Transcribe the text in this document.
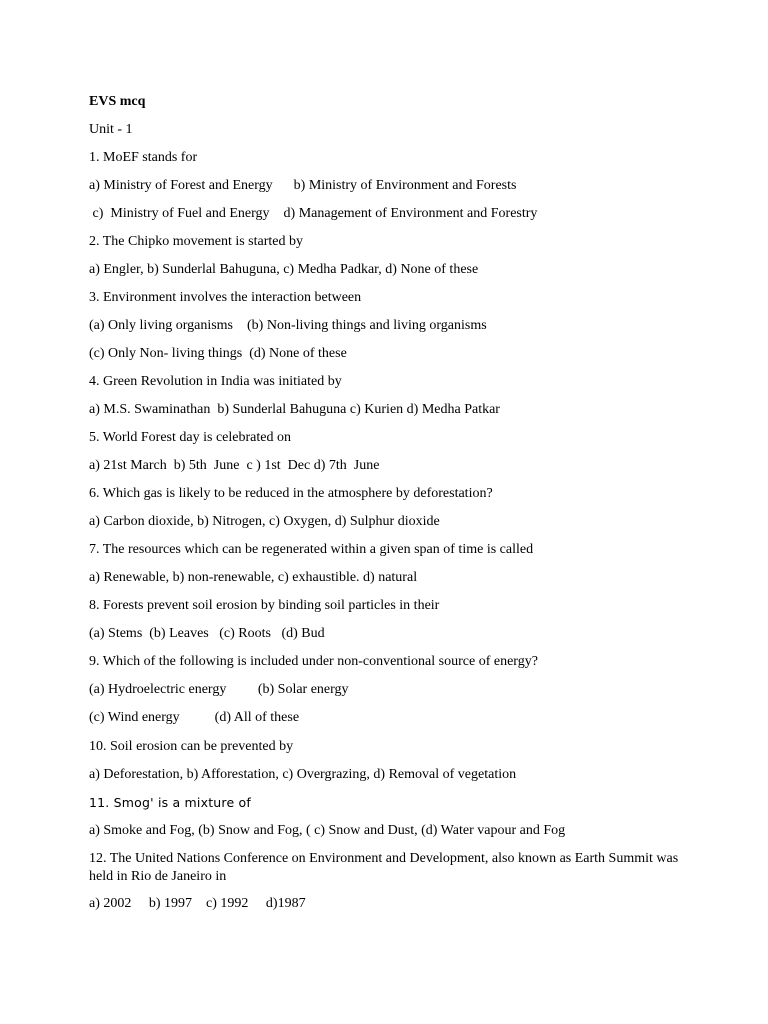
EVS mcq
Unit - 1
1. MoEF stands for
a) Ministry of Forest and Energy      b) Ministry of Environment and Forests
c)  Ministry of Fuel and Energy    d) Management of Environment and Forestry
2. The Chipko movement is started by
a) Engler, b) Sunderlal Bahuguna, c) Medha Padkar, d) None of these
3. Environment involves the interaction between
(a) Only living organisms    (b) Non-living things and living organisms
(c) Only Non- living things  (d) None of these
4. Green Revolution in India was initiated by
a) M.S. Swaminathan  b) Sunderlal Bahuguna c) Kurien d) Medha Patkar
5. World Forest day is celebrated on
a) 21st March  b) 5th  June  c ) 1st  Dec d) 7th  June
6. Which gas is likely to be reduced in the atmosphere by deforestation?
a) Carbon dioxide, b) Nitrogen, c) Oxygen, d) Sulphur dioxide
7. The resources which can be regenerated within a given span of time is called
a) Renewable, b) non-renewable, c) exhaustible. d) natural
8. Forests prevent soil erosion by binding soil particles in their
(a) Stems  (b) Leaves   (c) Roots   (d) Bud
9. Which of the following is included under non-conventional source of energy?
(a) Hydroelectric energy         (b) Solar energy
(c) Wind energy          (d) All of these
10. Soil erosion can be prevented by
a) Deforestation, b) Afforestation, c) Overgrazing, d) Removal of vegetation
11. Smog' is a mixture of
a) Smoke and Fog, (b) Snow and Fog, ( c) Snow and Dust, (d) Water vapour and Fog
12. The United Nations Conference on Environment and Development, also known as Earth Summit was held in Rio de Janeiro in
a) 2002     b) 1997    c) 1992     d)1987
